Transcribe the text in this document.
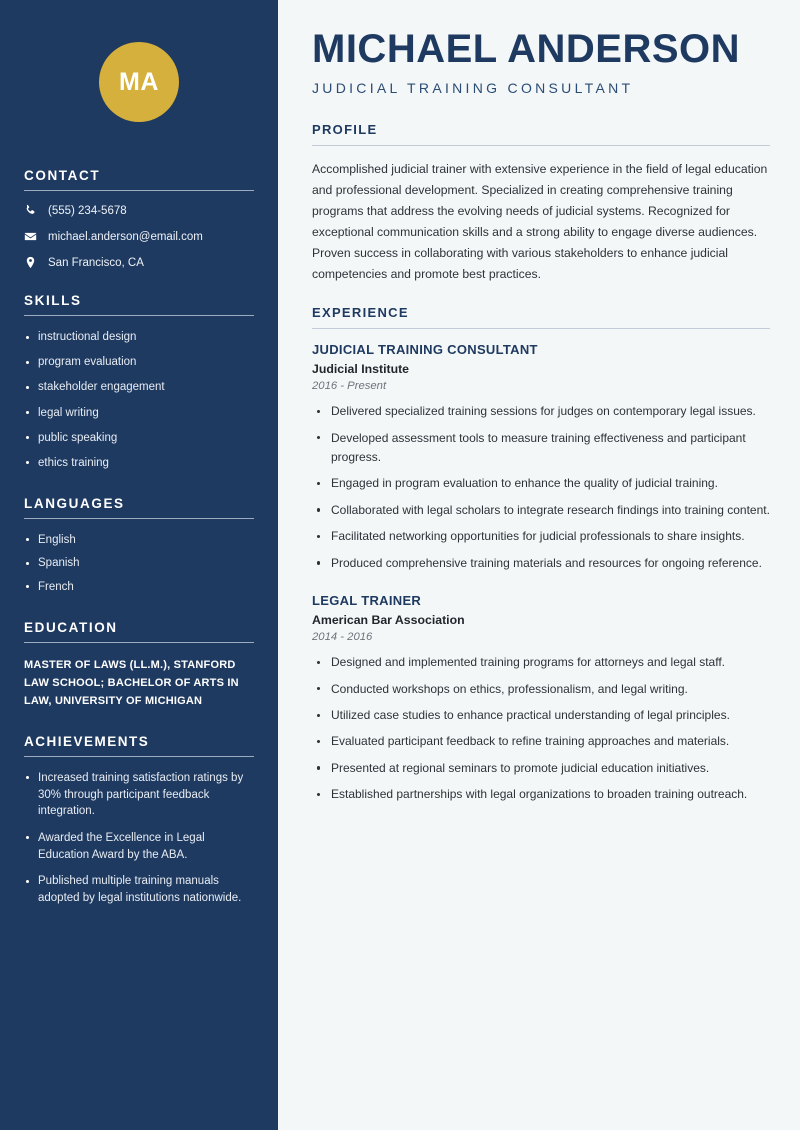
MA
CONTACT
(555) 234-5678
michael.anderson@email.com
San Francisco, CA
SKILLS
instructional design
program evaluation
stakeholder engagement
legal writing
public speaking
ethics training
LANGUAGES
English
Spanish
French
EDUCATION
MASTER OF LAWS (LL.M.), STANFORD LAW SCHOOL; BACHELOR OF ARTS IN LAW, UNIVERSITY OF MICHIGAN
ACHIEVEMENTS
Increased training satisfaction ratings by 30% through participant feedback integration.
Awarded the Excellence in Legal Education Award by the ABA.
Published multiple training manuals adopted by legal institutions nationwide.
MICHAEL ANDERSON
JUDICIAL TRAINING CONSULTANT
PROFILE

Accomplished judicial trainer with extensive experience in the field of legal education and professional development. Specialized in creating comprehensive training programs that address the evolving needs of judicial systems. Recognized for exceptional communication skills and a strong ability to engage diverse audiences. Proven success in collaborating with various stakeholders to enhance judicial competencies and promote best practices.

EXPERIENCE
JUDICIAL TRAINING CONSULTANT
Judicial Institute
2016 - Present
Delivered specialized training sessions for judges on contemporary legal issues.
Developed assessment tools to measure training effectiveness and participant progress.
Engaged in program evaluation to enhance the quality of judicial training.
Collaborated with legal scholars to integrate research findings into training content.
Facilitated networking opportunities for judicial professionals to share insights.
Produced comprehensive training materials and resources for ongoing reference.
LEGAL TRAINER
American Bar Association
2014 - 2016
Designed and implemented training programs for attorneys and legal staff.
Conducted workshops on ethics, professionalism, and legal writing.
Utilized case studies to enhance practical understanding of legal principles.
Evaluated participant feedback to refine training approaches and materials.
Presented at regional seminars to promote judicial education initiatives.
Established partnerships with legal organizations to broaden training outreach.
